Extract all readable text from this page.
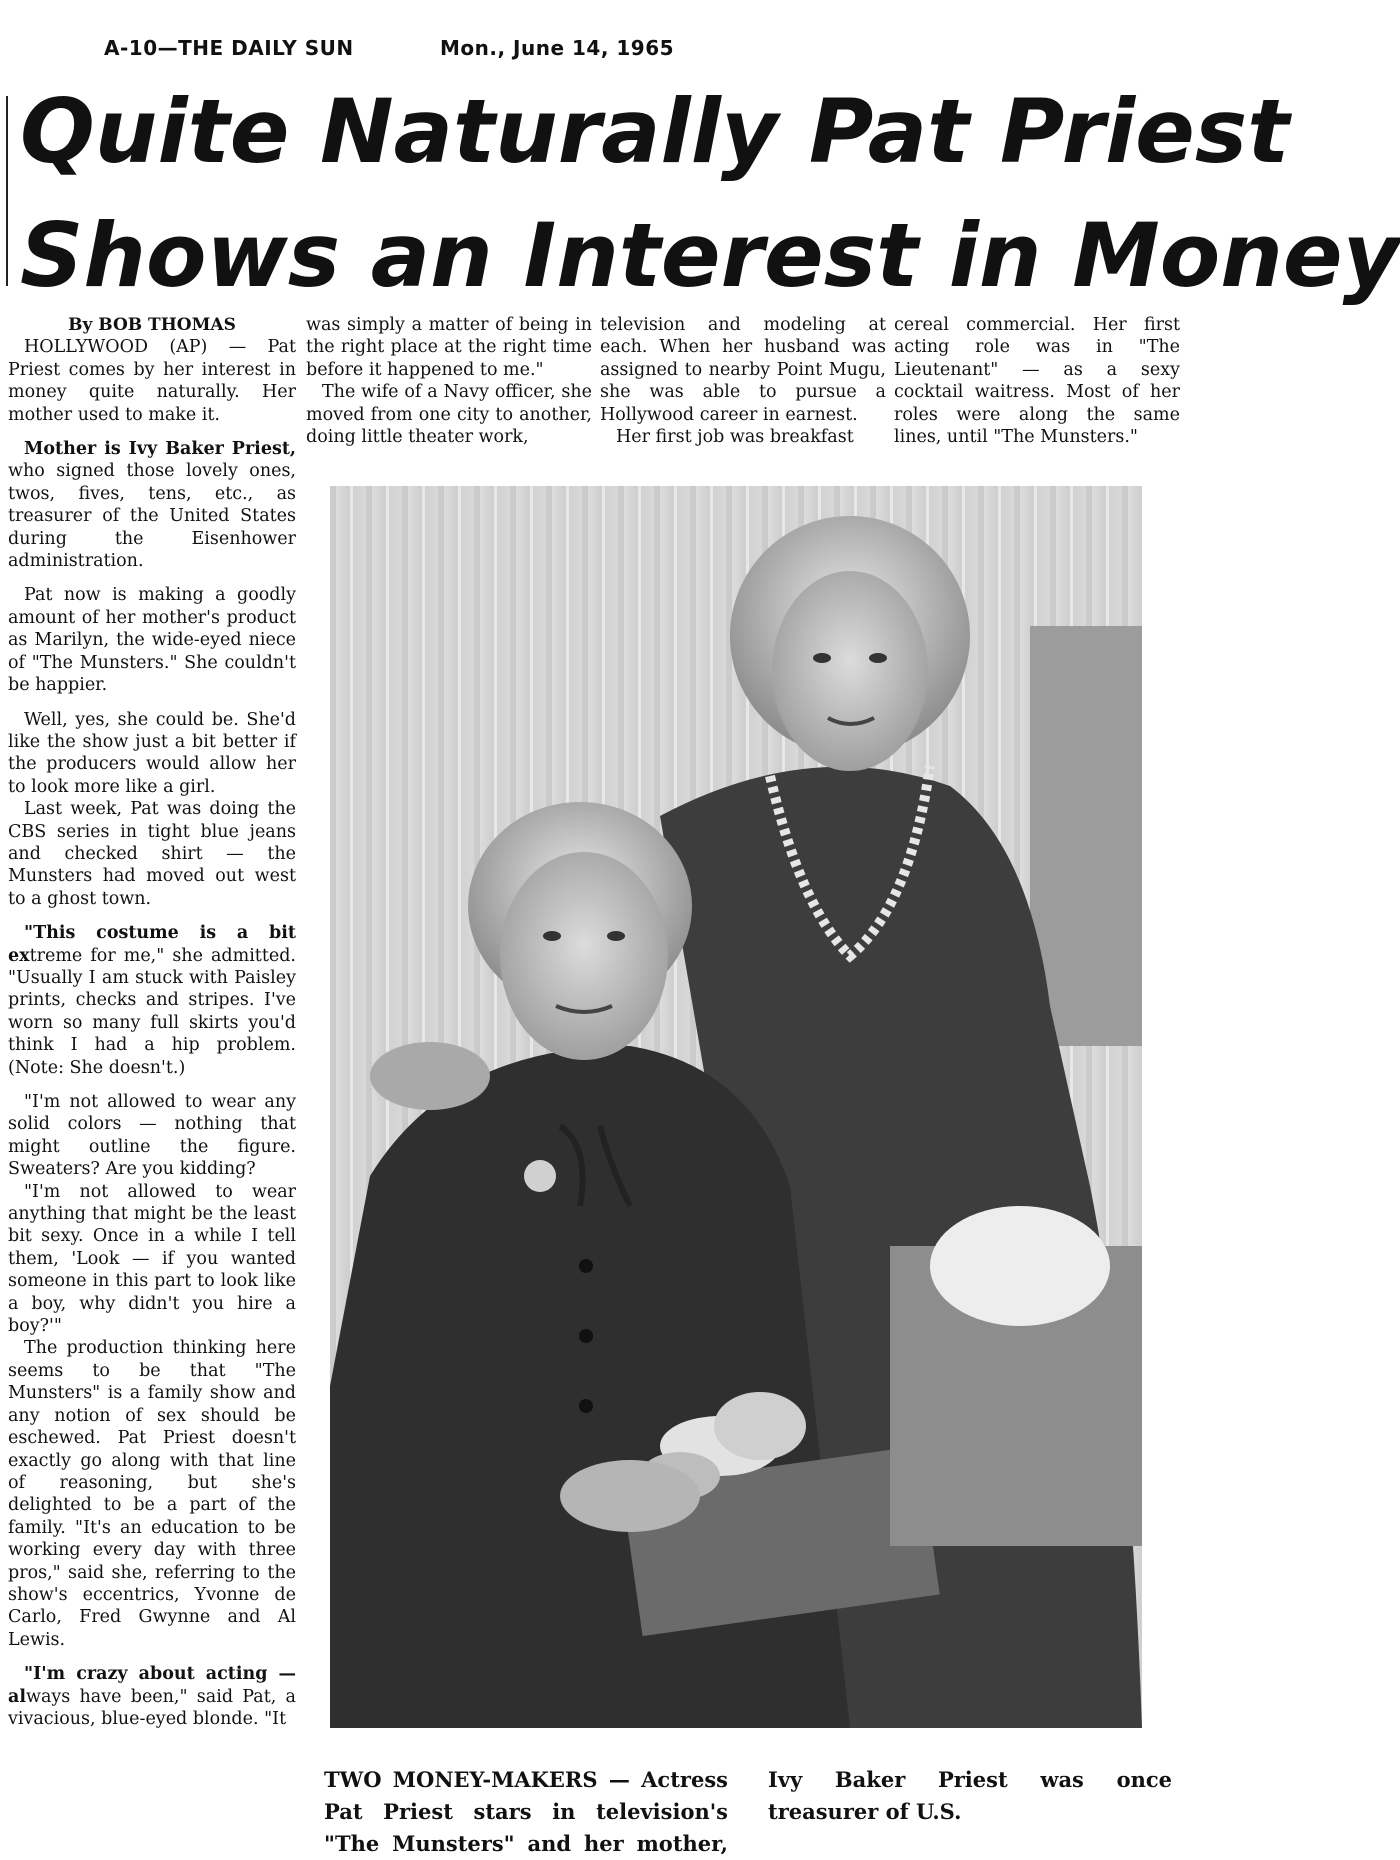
A-10—THE DAILY SUN	Mon., June 14, 1965
Quite Naturally Pat Priest
Shows an Interest in Money

By BOB THOMAS

HOLLYWOOD (AP) — Pat Priest comes by her interest in money quite naturally. Her mother used to make it.

Mother is Ivy Baker Priest, who signed those lovely ones, twos, fives, tens, etc., as treasurer of the United States during the Eisenhower administration.

Pat now is making a goodly amount of her mother's product as Marilyn, the wide-eyed niece of "The Munsters." She couldn't be happier.

Well, yes, she could be. She'd like the show just a bit better if the producers would allow her to look more like a girl.

Last week, Pat was doing the CBS series in tight blue jeans and checked shirt — the Munsters had moved out west to a ghost town.

"This costume is a bit extreme for me," she admitted. "Usually I am stuck with Paisley prints, checks and stripes. I've worn so many full skirts you'd think I had a hip problem. (Note: She doesn't.)

"I'm not allowed to wear any solid colors — nothing that might outline the figure. Sweaters? Are you kidding?

"I'm not allowed to wear anything that might be the least bit sexy. Once in a while I tell them, 'Look — if you wanted someone in this part to look like a boy, why didn't you hire a boy?'"

The production thinking here seems to be that "The Munsters" is a family show and any notion of sex should be eschewed. Pat Priest doesn't exactly go along with that line of reasoning, but she's delighted to be a part of the family. "It's an education to be working every day with three pros," said she, referring to the show's eccentrics, Yvonne de Carlo, Fred Gwynne and Al Lewis.

"I'm crazy about acting — always have been," said Pat, a vivacious, blue-eyed blonde. "It

was simply a matter of being in the right place at the right time before it happened to me."

The wife of a Navy officer, she moved from one city to another, doing little theater work,

television and modeling at each. When her husband was assigned to nearby Point Mugu, she was able to pursue a Hollywood career in earnest.

Her first job was breakfast

cereal commercial. Her first acting role was in "The Lieutenant" — as a sexy cocktail waitress. Most of her roles were along the same lines, until "The Munsters."

TWO MONEY-MAKERS — Actress Pat Priest stars in television's "The Munsters" and her mother, Ivy Baker Priest was once treasurer of U.S.
